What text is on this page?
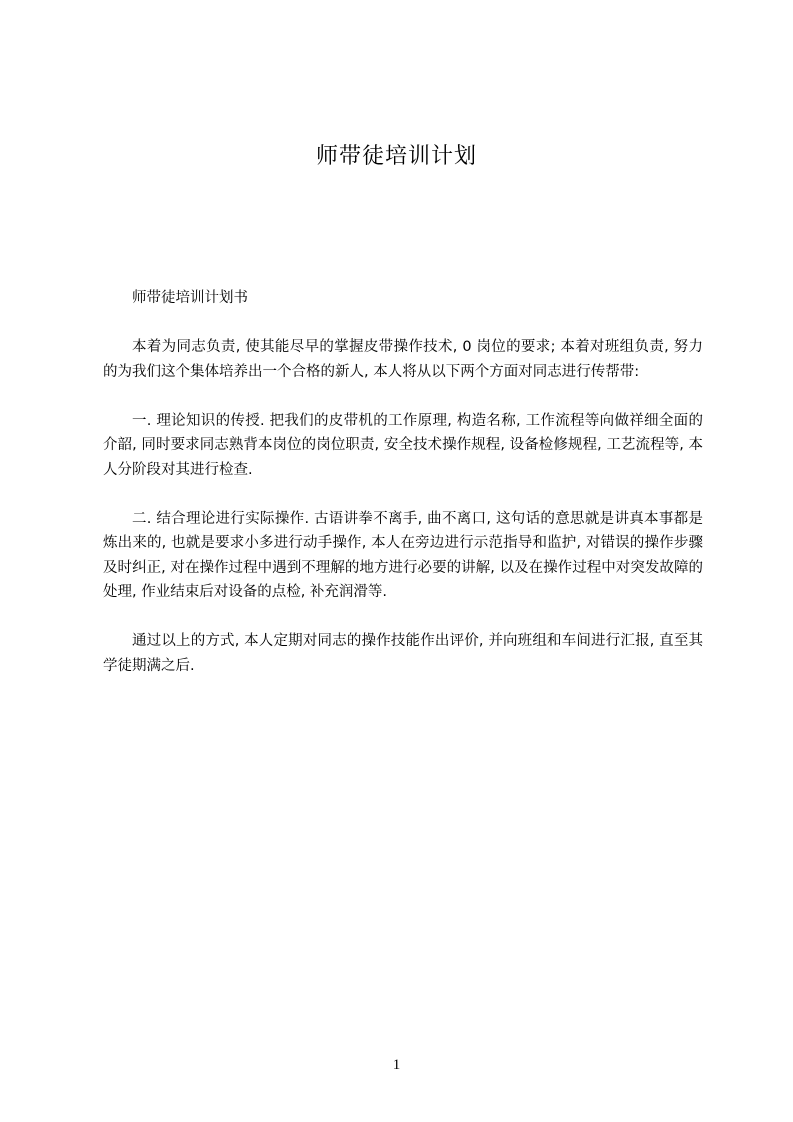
师带徒培训计划

师带徒培训计划书

本着为同志负责, 使其能尽早的掌握皮带操作技术, 0 岗位的要求; 本着对班组负责, 努力的为我们这个集体培养出一个合格的新人, 本人将从以下两个方面对同志进行传帮带:

一. 理论知识的传授. 把我们的皮带机的工作原理, 构造名称, 工作流程等向做祥细全面的介韶, 同时要求同志熟背本岗位的岗位职责, 安全技术操作规程, 设备检修规程, 工艺流程等, 本人分阶段对其进行检查.

二. 结合理论进行实际操作. 古语讲拳不离手, 曲不离口, 这句话的意思就是讲真本事都是炼出来的, 也就是要求小多进行动手操作, 本人在旁边进行示范指导和监护, 对错误的操作步骤及时纠正, 对在操作过程中遇到不理解的地方进行必要的讲解, 以及在操作过程中对突发故障的处理, 作业结束后对设备的点检, 补充润滑等.

通过以上的方式, 本人定期对同志的操作技能作出评价, 并向班组和车间进行汇报, 直至其学徒期满之后.

1
